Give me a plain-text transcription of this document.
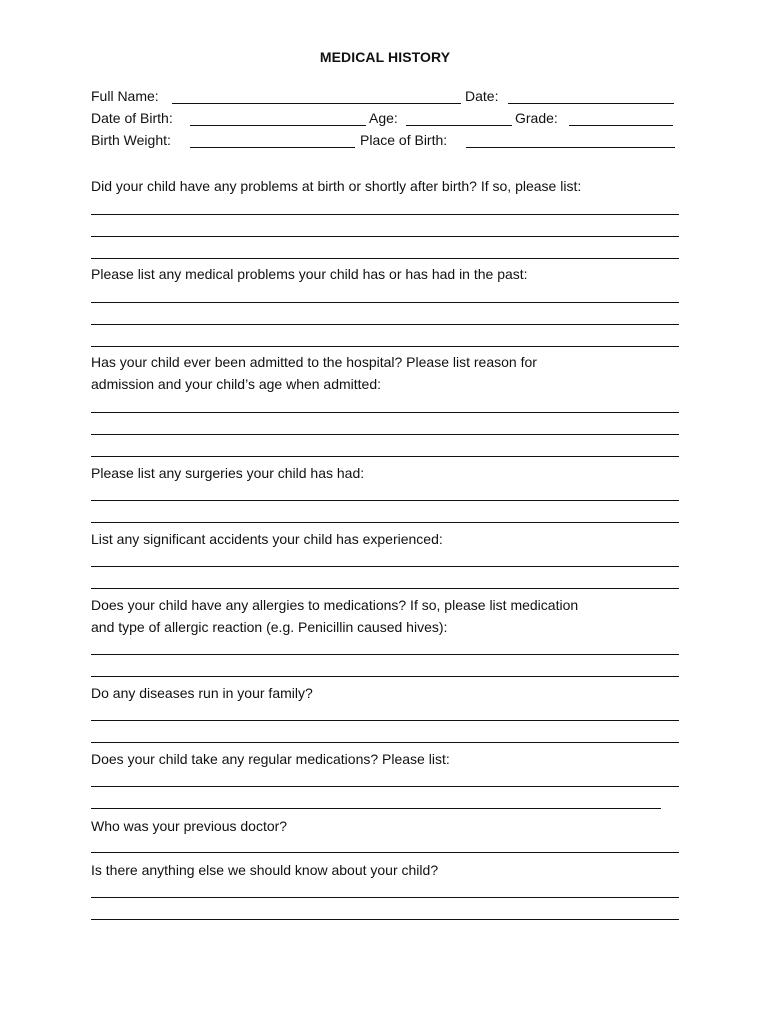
MEDICAL HISTORY
Full Name:	Date:
Date of Birth:	Age:	Grade:
Birth Weight:	Place of Birth:
Did your child have any problems at birth or shortly after birth? If so, please list:
Please list any medical problems your child has or has had in the past:
Has your child ever been admitted to the hospital? Please list reason for
admission and your child’s age when admitted:
Please list any surgeries your child has had:
List any significant accidents your child has experienced:
Does your child have any allergies to medications? If so, please list medication
and type of allergic reaction (e.g. Penicillin caused hives):
Do any diseases run in your family?
Does your child take any regular medications? Please list:
Who was your previous doctor?
Is there anything else we should know about your child?
